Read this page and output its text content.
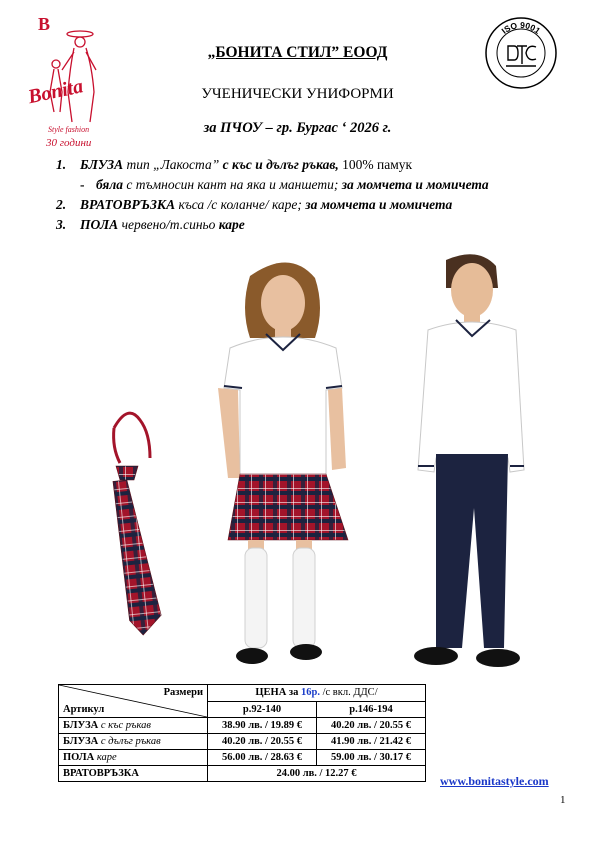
B
Bonita
Style fashion
30 години
ISO 9001
„БОНИТА СТИЛ” ЕООД
УЧЕНИЧЕСКИ УНИФОРМИ
за ПЧОУ – гр. Бургас ‘ 2026 г.
1. БЛУЗА тип „Лакоста” с къс и дълъг ръкав, 100% памук
- бяла с тъмносин кант на яка и маншети; за момчета и момичета
2. ВРАТОВРЪЗКА къса /с коланче/ каре; за момчета и момичета
3. ПОЛА червено/т.синьо каре
Размери
Артикул	ЦЕНА за 16р. /с вкл. ДДС/	
	р.92-140	р.146-194
БЛУЗА с къс ръкав	38.90 лв. / 19.89 €	40.20 лв. / 20.55 €
БЛУЗА с дълъг ръкав	40.20 лв. / 20.55 €	41.90 лв. / 21.42 €
ПОЛА каре	56.00 лв. / 28.63 €	59.00 лв. / 30.17 €
ВРАТОВРЪЗКА	24.00 лв. / 12.27 €	
www.bonitastyle.com
1
